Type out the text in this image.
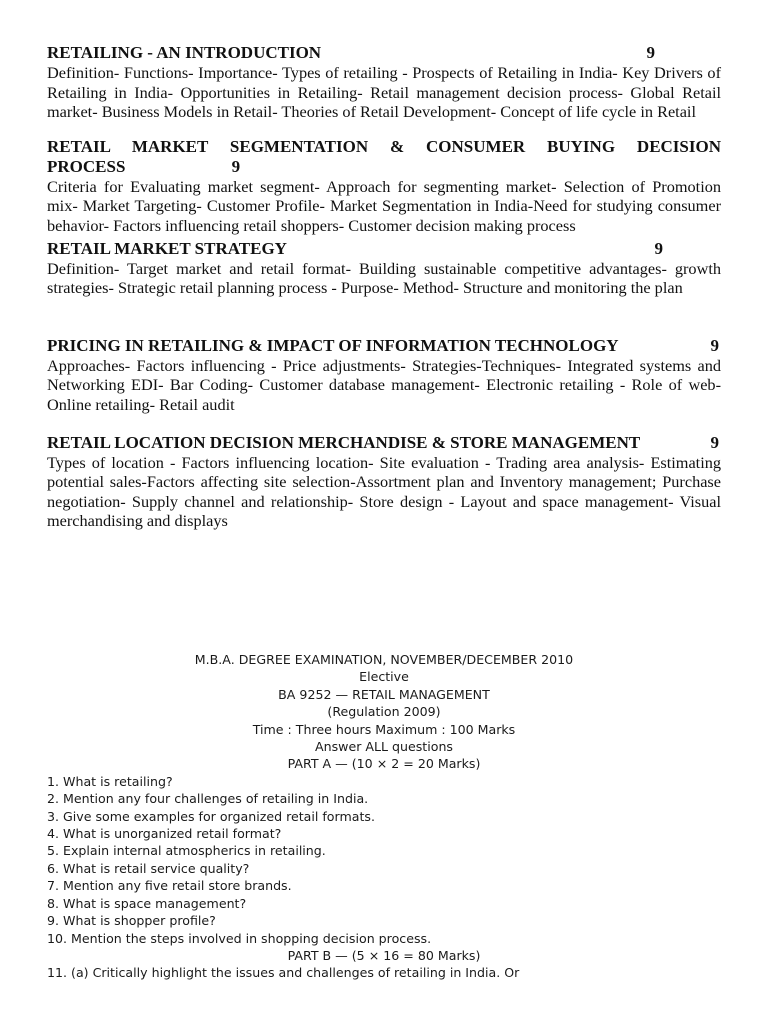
RETAILING - AN INTRODUCTION	9

Definition- Functions- Importance- Types of retailing - Prospects of Retailing in India- Key Drivers of Retailing in India- Opportunities in Retailing- Retail management decision process- Global Retail market- Business Models in Retail- Theories of Retail Development- Concept of life cycle in Retail

RETAIL MARKET SEGMENTATION & CONSUMER BUYING DECISION PROCESS	9

Criteria for Evaluating market segment- Approach for segmenting market- Selection of Promotion mix- Market Targeting- Customer Profile- Market Segmentation in India-Need for studying consumer behavior- Factors influencing retail shoppers- Customer decision making process

RETAIL MARKET STRATEGY	9

Definition- Target market and retail format- Building sustainable competitive advantages- growth strategies- Strategic retail planning process - Purpose- Method- Structure and monitoring the plan

PRICING IN RETAILING & IMPACT OF INFORMATION TECHNOLOGY	9

Approaches- Factors influencing - Price adjustments- Strategies-Techniques- Integrated systems and Networking EDI- Bar Coding- Customer database management- Electronic retailing - Role of web- Online retailing- Retail audit

RETAIL LOCATION DECISION MERCHANDISE & STORE MANAGEMENT	9

Types of location - Factors influencing location- Site evaluation - Trading area analysis- Estimating potential sales-Factors affecting site selection-Assortment plan and Inventory management; Purchase negotiation- Supply channel and relationship- Store design - Layout and space management- Visual merchandising and displays

M.B.A. DEGREE EXAMINATION, NOVEMBER/DECEMBER 2010
Elective
BA 9252 — RETAIL MANAGEMENT
(Regulation 2009)
Time : Three hours Maximum : 100 Marks
Answer ALL questions
PART A — (10 × 2 = 20 Marks)
1. What is retailing?
2. Mention any four challenges of retailing in India.
3. Give some examples for organized retail formats.
4. What is unorganized retail format?
5. Explain internal atmospherics in retailing.
6. What is retail service quality?
7. Mention any five retail store brands.
8. What is space management?
9. What is shopper profile?
10. Mention the steps involved in shopping decision process.
PART B — (5 × 16 = 80 Marks)
11. (a) Critically highlight the issues and challenges of retailing in India. Or
